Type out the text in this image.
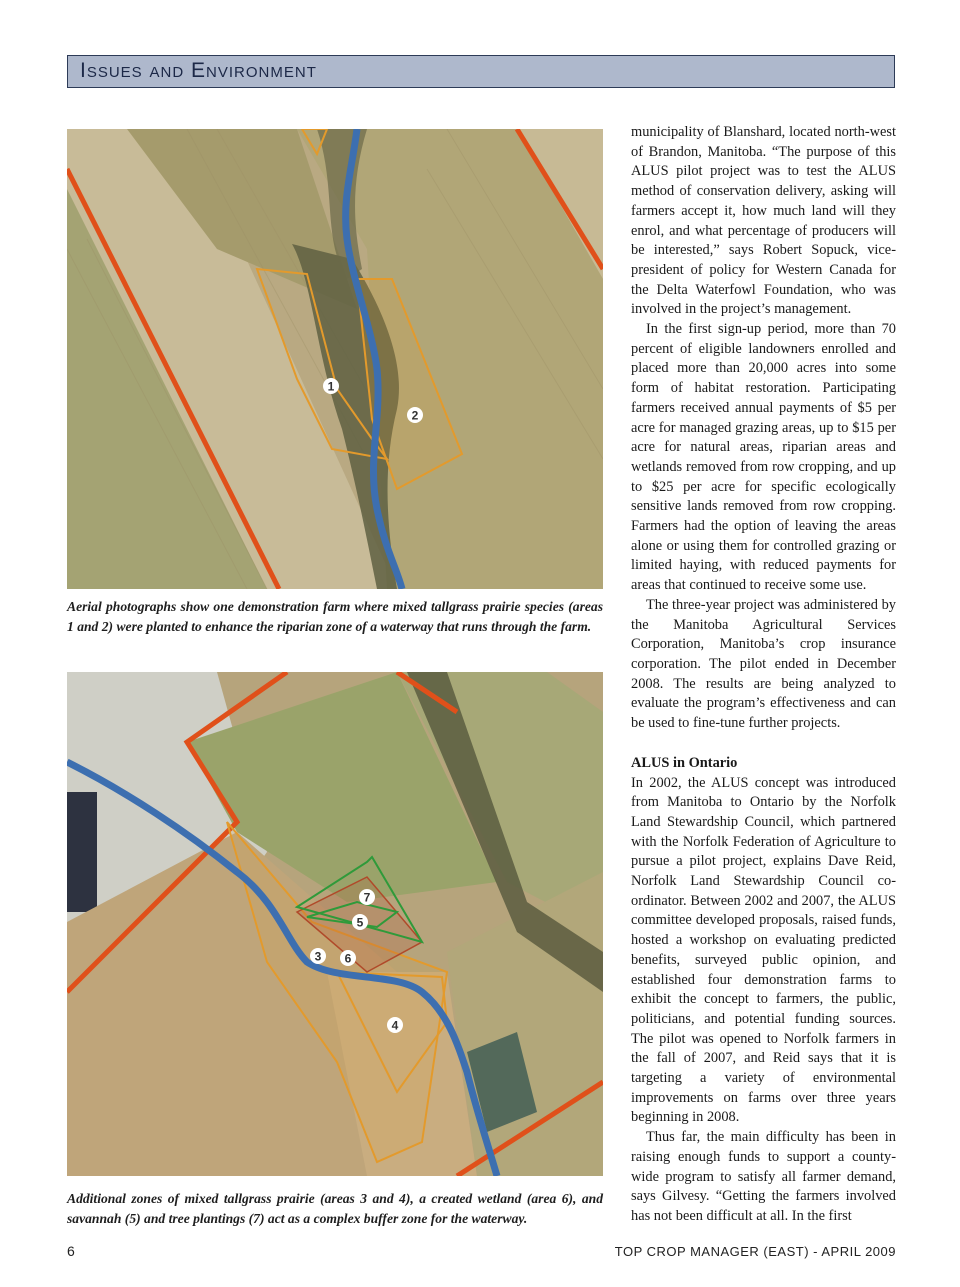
Issues and Environment
1
2
Aerial photographs show one demonstration farm where mixed tallgrass prairie species (areas 1 and 2) were planted to enhance the riparian zone of a waterway that runs through the farm.
7
5
3 6
4
Additional zones of mixed tallgrass prairie (areas 3 and 4), a created wetland (area 6), and savannah (5) and tree plantings (7) act as a complex buffer zone for the waterway.

municipality of Blanshard, located north-west of Brandon, Manitoba. “The purpose of this ALUS pilot project was to test the ALUS method of conservation delivery, asking will farmers accept it, how much land will they enrol, and what percentage of producers will be interested,” says Robert Sopuck, vice-president of policy for Western Canada for the Delta Waterfowl Foundation, who was involved in the project’s management.

In the first sign-up period, more than 70 percent of eligible landowners enrolled and placed more than 20,000 acres into some form of habitat restoration. Participating farmers received annual payments of $5 per acre for managed grazing areas, up to $15 per acre for natural areas, riparian areas and wetlands removed from row cropping, and up to $25 per acre for specific ecologically sensitive lands removed from row cropping. Farmers had the option of leaving the areas alone or using them for controlled grazing or limited haying, with reduced payments for areas that continued to receive some use.

The three-year project was administered by the Manitoba Agricultural Services Corporation, Manitoba’s crop insurance corporation. The pilot ended in December 2008. The results are being analyzed to evaluate the program’s effectiveness and can be used to fine-tune further projects.

ALUS in Ontario

In 2002, the ALUS concept was introduced from Manitoba to Ontario by the Norfolk Land Stewardship Council, which partnered with the Norfolk Federation of Agriculture to pursue a pilot project, explains Dave Reid, Norfolk Land Stewardship Council co-ordinator. Between 2002 and 2007, the ALUS committee developed proposals, raised funds, hosted a workshop on evaluating predicted benefits, surveyed public opinion, and established four demonstration farms to exhibit the concept to farmers, the public, politicians, and potential funding sources. The pilot was opened to Norfolk farmers in the fall of 2007, and Reid says that it is targeting a variety of environmental improvements on farms over three years beginning in 2008.

Thus far, the main difficulty has been in raising enough funds to support a county-wide program to satisfy all farmer demand, says Gilvesy. “Getting the farmers involved has not been difficult at all. In the first

6	TOP CROP MANAGER (EAST) - APRIL 2009
